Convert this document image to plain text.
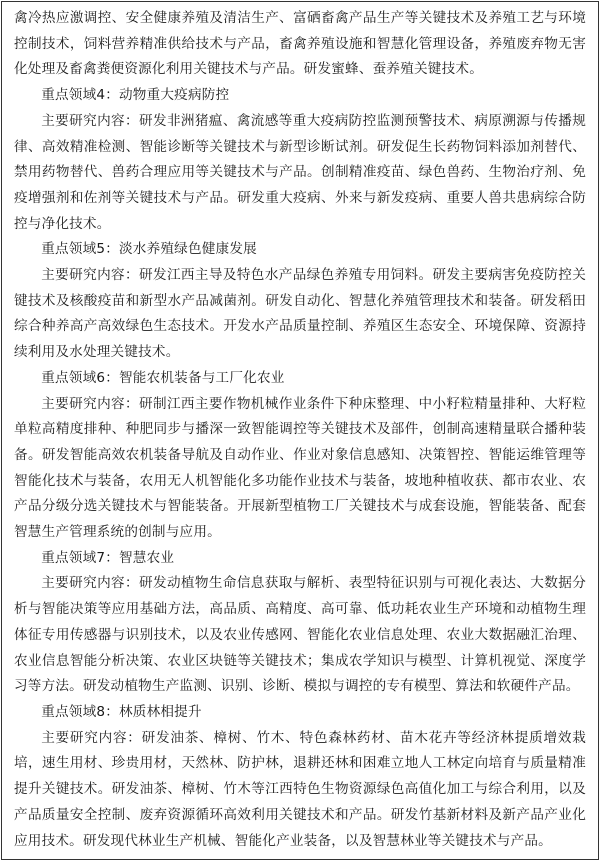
禽冷热应激调控、安全健康养殖及清洁生产、富硒畜禽产品生产等关键技术及养殖工艺与环境控制技术，饲料营养精准供给技术与产品，畜禽养殖设施和智慧化管理设备，养殖废弃物无害化处理及畜禽粪便资源化利用关键技术与产品。研发蜜蜂、蚕养殖关键技术。

重点领域4：动物重大疫病防控

主要研究内容：研发非洲猪瘟、禽流感等重大疫病防控监测预警技术、病原溯源与传播规律、高效精准检测、智能诊断等关键技术与新型诊断试剂。研发促生长药物饲料添加剂替代、禁用药物替代、兽药合理应用等关键技术与产品。创制精准疫苗、绿色兽药、生物治疗剂、免疫增强剂和佐剂等关键技术与产品。研发重大疫病、外来与新发疫病、重要人兽共患病综合防控与净化技术。

重点领域5：淡水养殖绿色健康发展

主要研究内容：研发江西主导及特色水产品绿色养殖专用饲料。研发主要病害免疫防控关键技术及核酸疫苗和新型水产品减菌剂。研发自动化、智慧化养殖管理技术和装备。研发稻田综合种养高产高效绿色生态技术。开发水产品质量控制、养殖区生态安全、环境保障、资源持续利用及水处理关键技术。

重点领域6：智能农机装备与工厂化农业

主要研究内容：研制江西主要作物机械作业条件下种床整理、中小籽粒精量排种、大籽粒单粒高精度排种、种肥同步与播深一致智能调控等关键技术及部件，创制高速精量联合播种装备。研发智能高效农机装备导航及自动作业、作业对象信息感知、决策智控、智能运维管理等智能化技术与装备，农用无人机智能化多功能作业技术与装备，坡地种植收获、都市农业、农产品分级分选关键技术与智能装备。开展新型植物工厂关键技术与成套设施，智能装备、配套智慧生产管理系统的创制与应用。

重点领域7：智慧农业

主要研究内容：研发动植物生命信息获取与解析、表型特征识别与可视化表达、大数据分析与智能决策等应用基础方法，高品质、高精度、高可靠、低功耗农业生产环境和动植物生理体征专用传感器与识别技术，以及农业传感网、智能化农业信息处理、农业大数据融汇治理、农业信息智能分析决策、农业区块链等关键技术；集成农学知识与模型、计算机视觉、深度学习等方法。研发动植物生产监测、识别、诊断、模拟与调控的专有模型、算法和软硬件产品。

重点领域8：林质林相提升

主要研究内容：研发油茶、樟树、竹木、特色森林药材、苗木花卉等经济林提质增效栽培，速生用材、珍贵用材，天然林、防护林，退耕还林和困难立地人工林定向培育与质量精准提升关键技术。研发油茶、樟树、竹木等江西特色生物资源绿色高值化加工与综合利用，以及产品质量安全控制、废弃资源循环高效利用关键技术和产品。研发竹基新材料及新产品产业化应用技术。研发现代林业生产机械、智能化产业装备，以及智慧林业等关键技术与产品。
